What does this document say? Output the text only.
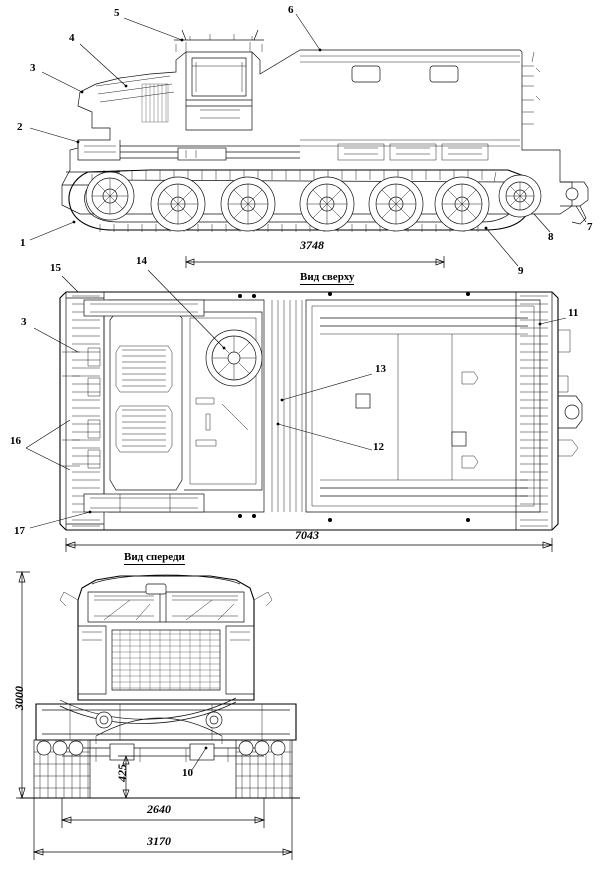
1
2
3
4
5	6
7
8
9
10
11
12
13
14
15
16
17
3
3748
7043
3000
425
2640
3170
Вид сверху
Вид спереди
